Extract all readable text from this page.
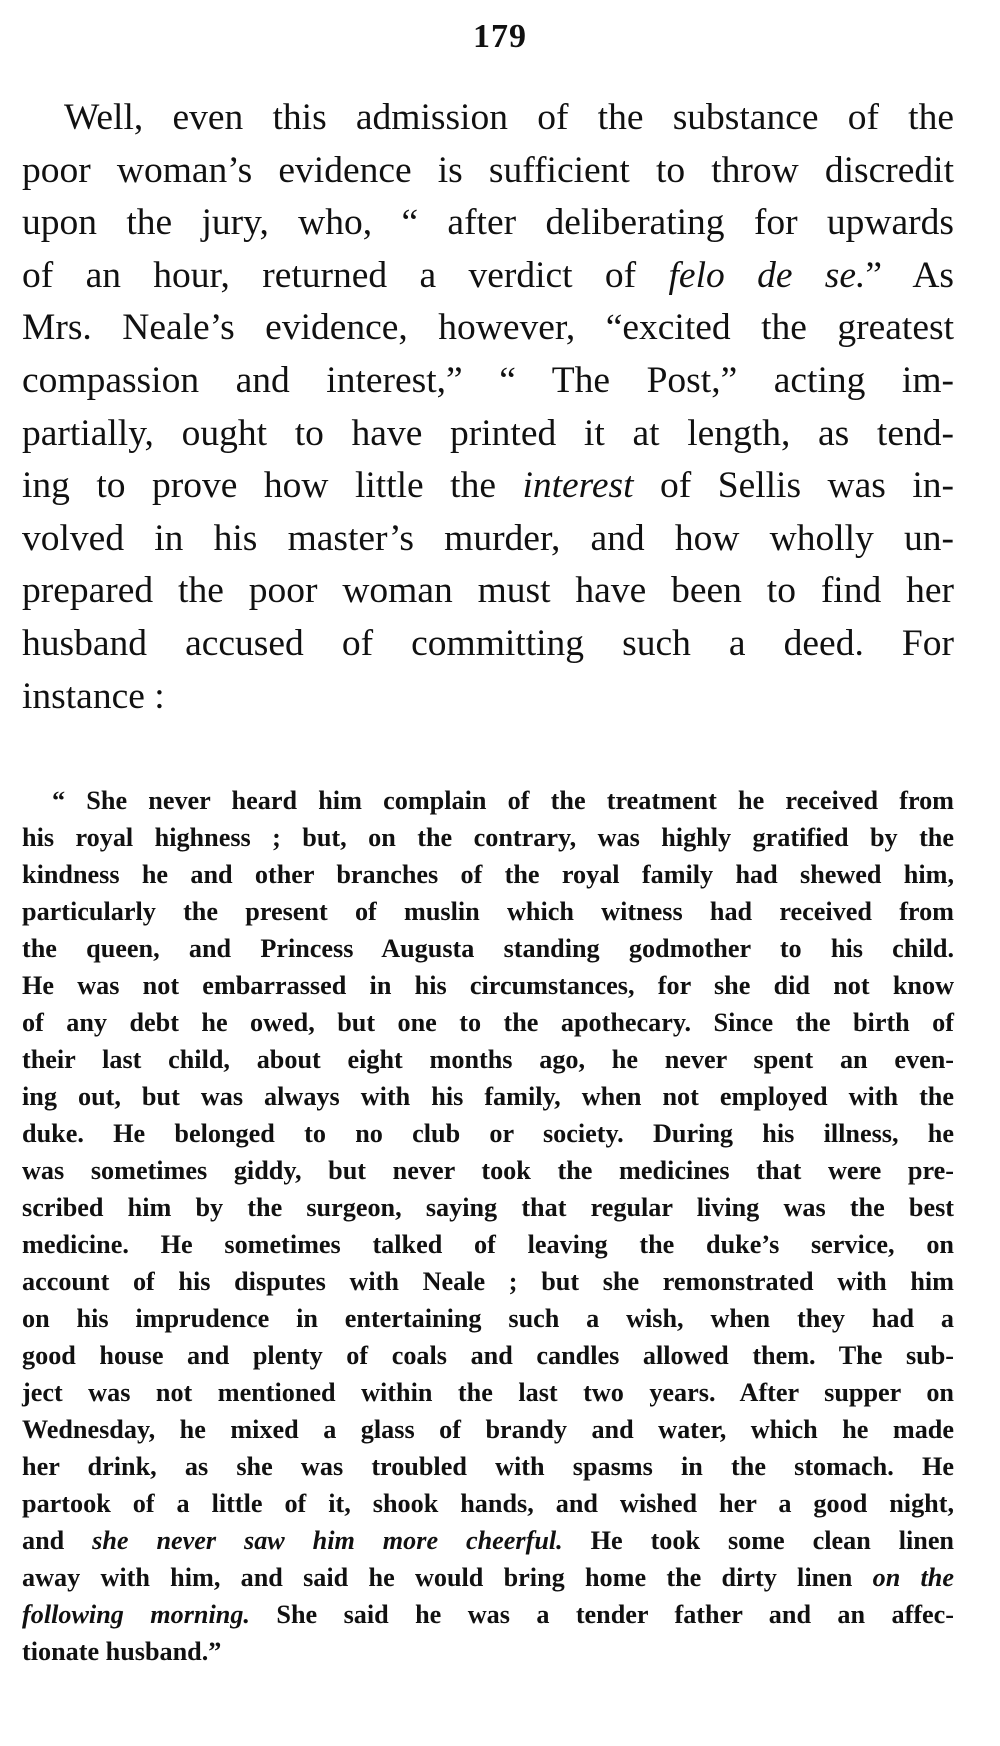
179
Well, even this admission of the substance of the
poor woman’s evidence is sufficient to throw discredit
upon the jury, who, “ after deliberating for upwards
of an hour, returned a verdict of felo de se.” As
Mrs. Neale’s evidence, however, “excited the greatest
compassion and interest,” “ The Post,” acting im-
partially, ought to have printed it at length, as tend-
ing to prove how little the interest of Sellis was in-
volved in his master’s murder, and how wholly un-
prepared the poor woman must have been to find her
husband accused of committing such a deed. For
instance :
“ She never heard him complain of the treatment he received from
his royal highness ; but, on the contrary, was highly gratified by the
kindness he and other branches of the royal family had shewed him,
particularly the present of muslin which witness had received from
the queen, and Princess Augusta standing godmother to his child.
He was not embarrassed in his circumstances, for she did not know
of any debt he owed, but one to the apothecary. Since the birth of
their last child, about eight months ago, he never spent an even-
ing out, but was always with his family, when not employed with the
duke. He belonged to no club or society. During his illness, he
was sometimes giddy, but never took the medicines that were pre-
scribed him by the surgeon, saying that regular living was the best
medicine. He sometimes talked of leaving the duke’s service, on
account of his disputes with Neale ; but she remonstrated with him
on his imprudence in entertaining such a wish, when they had a
good house and plenty of coals and candles allowed them. The sub-
ject was not mentioned within the last two years. After supper on
Wednesday, he mixed a glass of brandy and water, which he made
her drink, as she was troubled with spasms in the stomach. He
partook of a little of it, shook hands, and wished her a good night,
and she never saw him more cheerful. He took some clean linen
away with him, and said he would bring home the dirty linen on the
following morning. She said he was a tender father and an affec-
tionate husband.”
